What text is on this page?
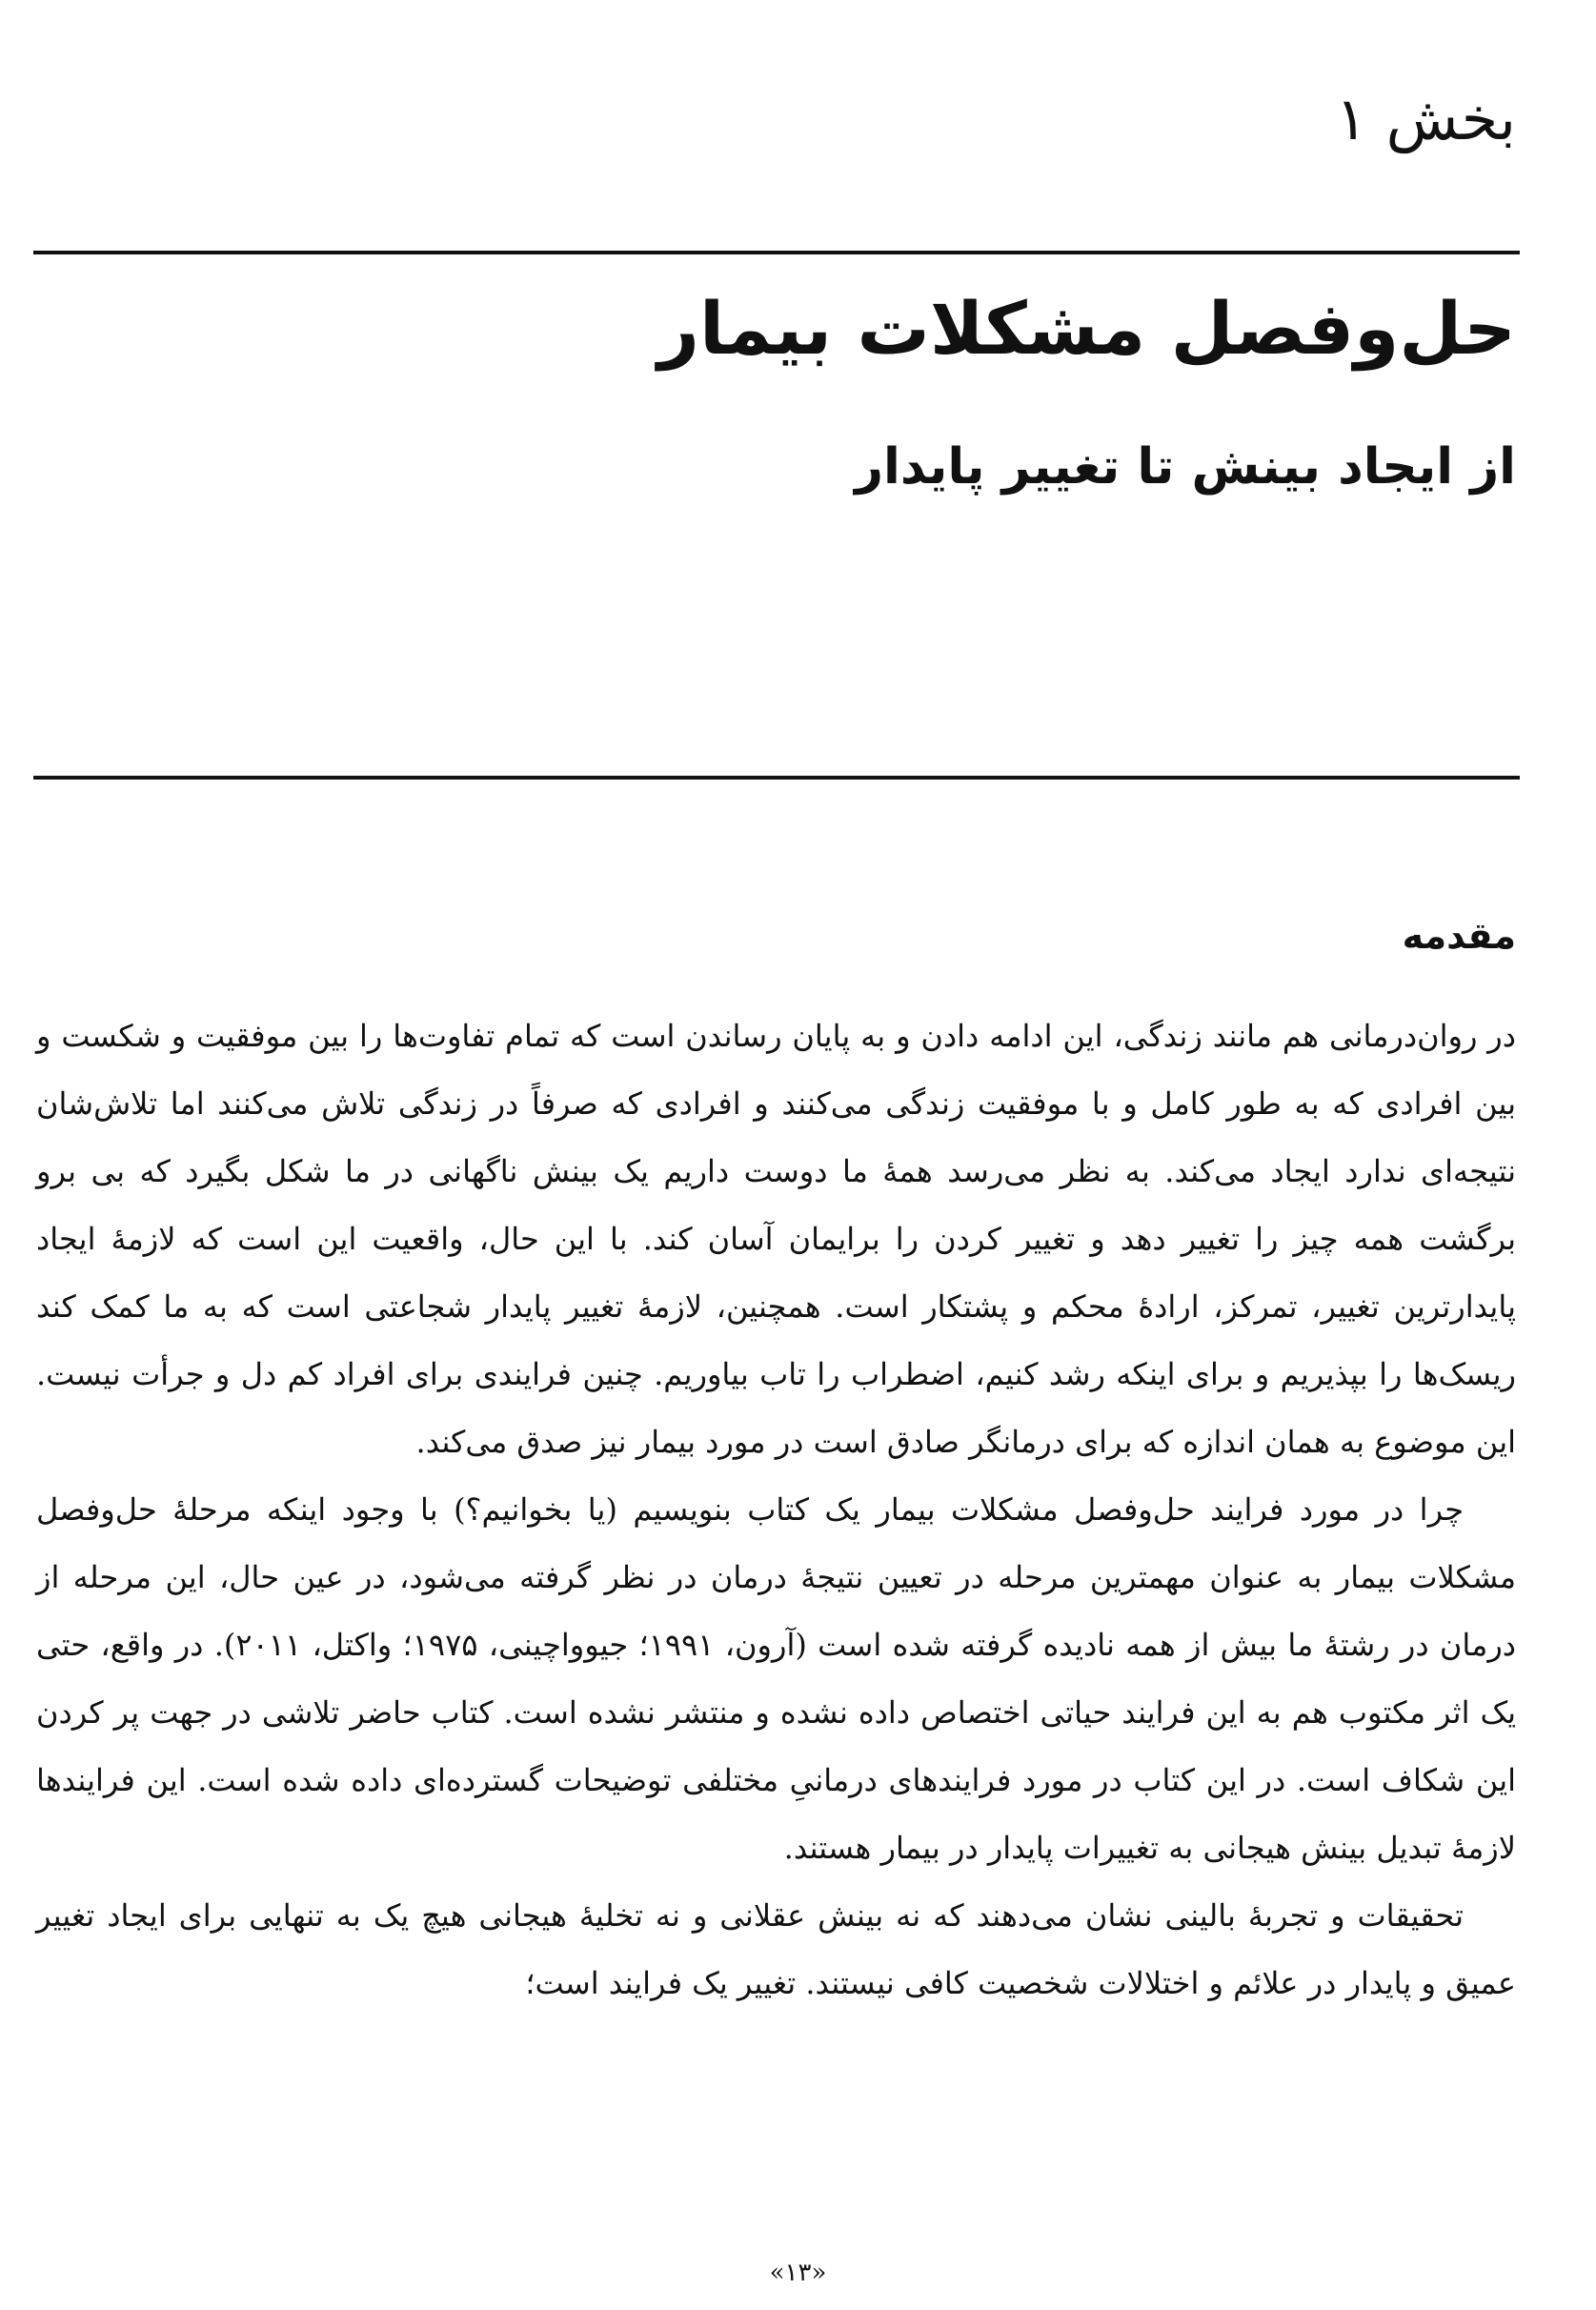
بخش ۱
حل‌وفصل مشکلات بیمار
از ایجاد بینش تا تغییر پایدار
مقدمه

در روان‌درمانی هم مانند زندگی، این ادامه دادن و به پایان رساندن است که تمام تفاوت‌ها را بین موفقیت و شکست و بین افرادی که به طور کامل و با موفقیت زندگی می‌کنند و افرادی که صرفاً در زندگی تلاش می‌کنند اما تلاش‌شان نتیجه‌ای ندارد ایجاد می‌کند. به نظر می‌رسد همهٔ ما دوست داریم یک بینش ناگهانی در ما شکل بگیرد که بی برو برگشت همه چیز را تغییر دهد و تغییر کردن را برایمان آسان کند. با این حال، واقعیت این است که لازمهٔ ایجاد پایدارترین تغییر، تمرکز، ارادهٔ محکم و پشتکار است. همچنین، لازمهٔ تغییر پایدار شجاعتی است که به ما کمک کند ریسک‌ها را بپذیریم و برای اینکه رشد کنیم، اضطراب را تاب بیاوریم. چنین فرایندی برای افراد کم دل و جرأت نیست. این موضوع به همان اندازه که برای درمانگر صادق است در مورد بیمار نیز صدق می‌کند.

چرا در مورد فرایند حل‌وفصل مشکلات بیمار یک کتاب بنویسیم (یا بخوانیم؟) با وجود اینکه مرحلهٔ حل‌وفصل مشکلات بیمار به عنوان مهمترین مرحله در تعیین نتیجهٔ درمان در نظر گرفته می‌شود، در عین حال، این مرحله از درمان در رشتهٔ ما بیش از همه نادیده گرفته شده است (آرون، ۱۹۹۱؛ جیوواچینی، ۱۹۷۵؛ واکتل، ۲۰۱۱). در واقع، حتی یک اثر مکتوب هم به این فرایند حیاتی اختصاص داده نشده و منتشر نشده است. کتاب حاضر تلاشی در جهت پر کردن این شکاف است. در این کتاب در مورد فرایندهای درمانیِ مختلفی توضیحات گسترده‌ای داده شده است. این فرایندها لازمهٔ تبدیل بینش هیجانی به تغییرات پایدار در بیمار هستند.

تحقیقات و تجربهٔ بالینی نشان می‌دهند که نه بینش عقلانی و نه تخلیهٔ هیجانی هیچ یک به تنهایی برای ایجاد تغییر عمیق و پایدار در علائم و اختلالات شخصیت کافی نیستند. تغییر یک فرایند است؛

«۱۳»
